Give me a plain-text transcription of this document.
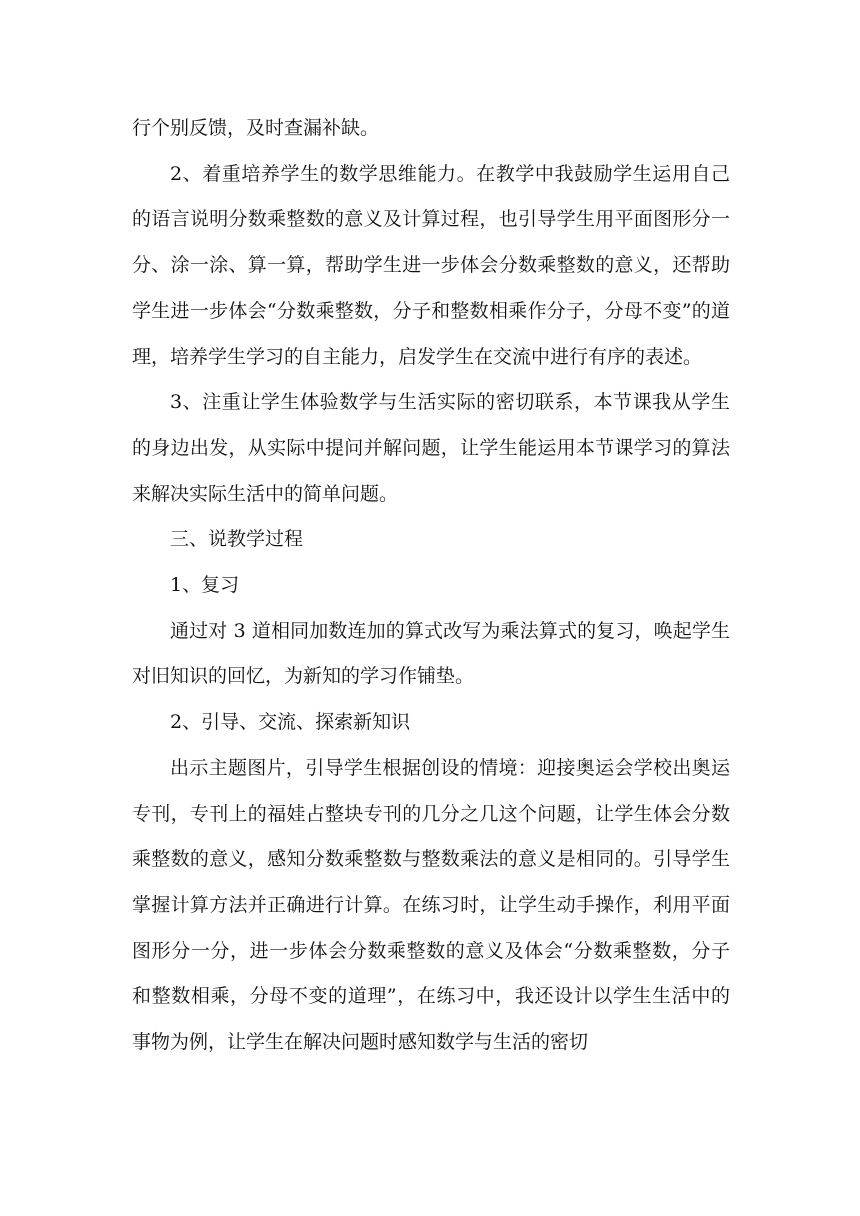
行个别反馈，及时查漏补缺。

2、着重培养学生的数学思维能力。在教学中我鼓励学生运用自己的语言说明分数乘整数的意义及计算过程，也引导学生用平面图形分一分、涂一涂、算一算，帮助学生进一步体会分数乘整数的意义，还帮助学生进一步体会“分数乘整数，分子和整数相乘作分子，分母不变”的道理，培养学生学习的自主能力，启发学生在交流中进行有序的表述。

3、注重让学生体验数学与生活实际的密切联系，本节课我从学生的身边出发，从实际中提问并解问题，让学生能运用本节课学习的算法来解决实际生活中的简单问题。

三、说教学过程

1、复习

通过对 3 道相同加数连加的算式改写为乘法算式的复习，唤起学生对旧知识的回忆，为新知的学习作铺垫。

2、引导、交流、探索新知识

出示主题图片，引导学生根据创设的情境：迎接奥运会学校出奥运专刊，专刊上的福娃占整块专刊的几分之几这个问题，让学生体会分数乘整数的意义，感知分数乘整数与整数乘法的意义是相同的。引导学生掌握计算方法并正确进行计算。在练习时，让学生动手操作，利用平面图形分一分，进一步体会分数乘整数的意义及体会“分数乘整数，分子和整数相乘，分母不变的道理”，在练习中，我还设计以学生生活中的事物为例，让学生在解决问题时感知数学与生活的密切
